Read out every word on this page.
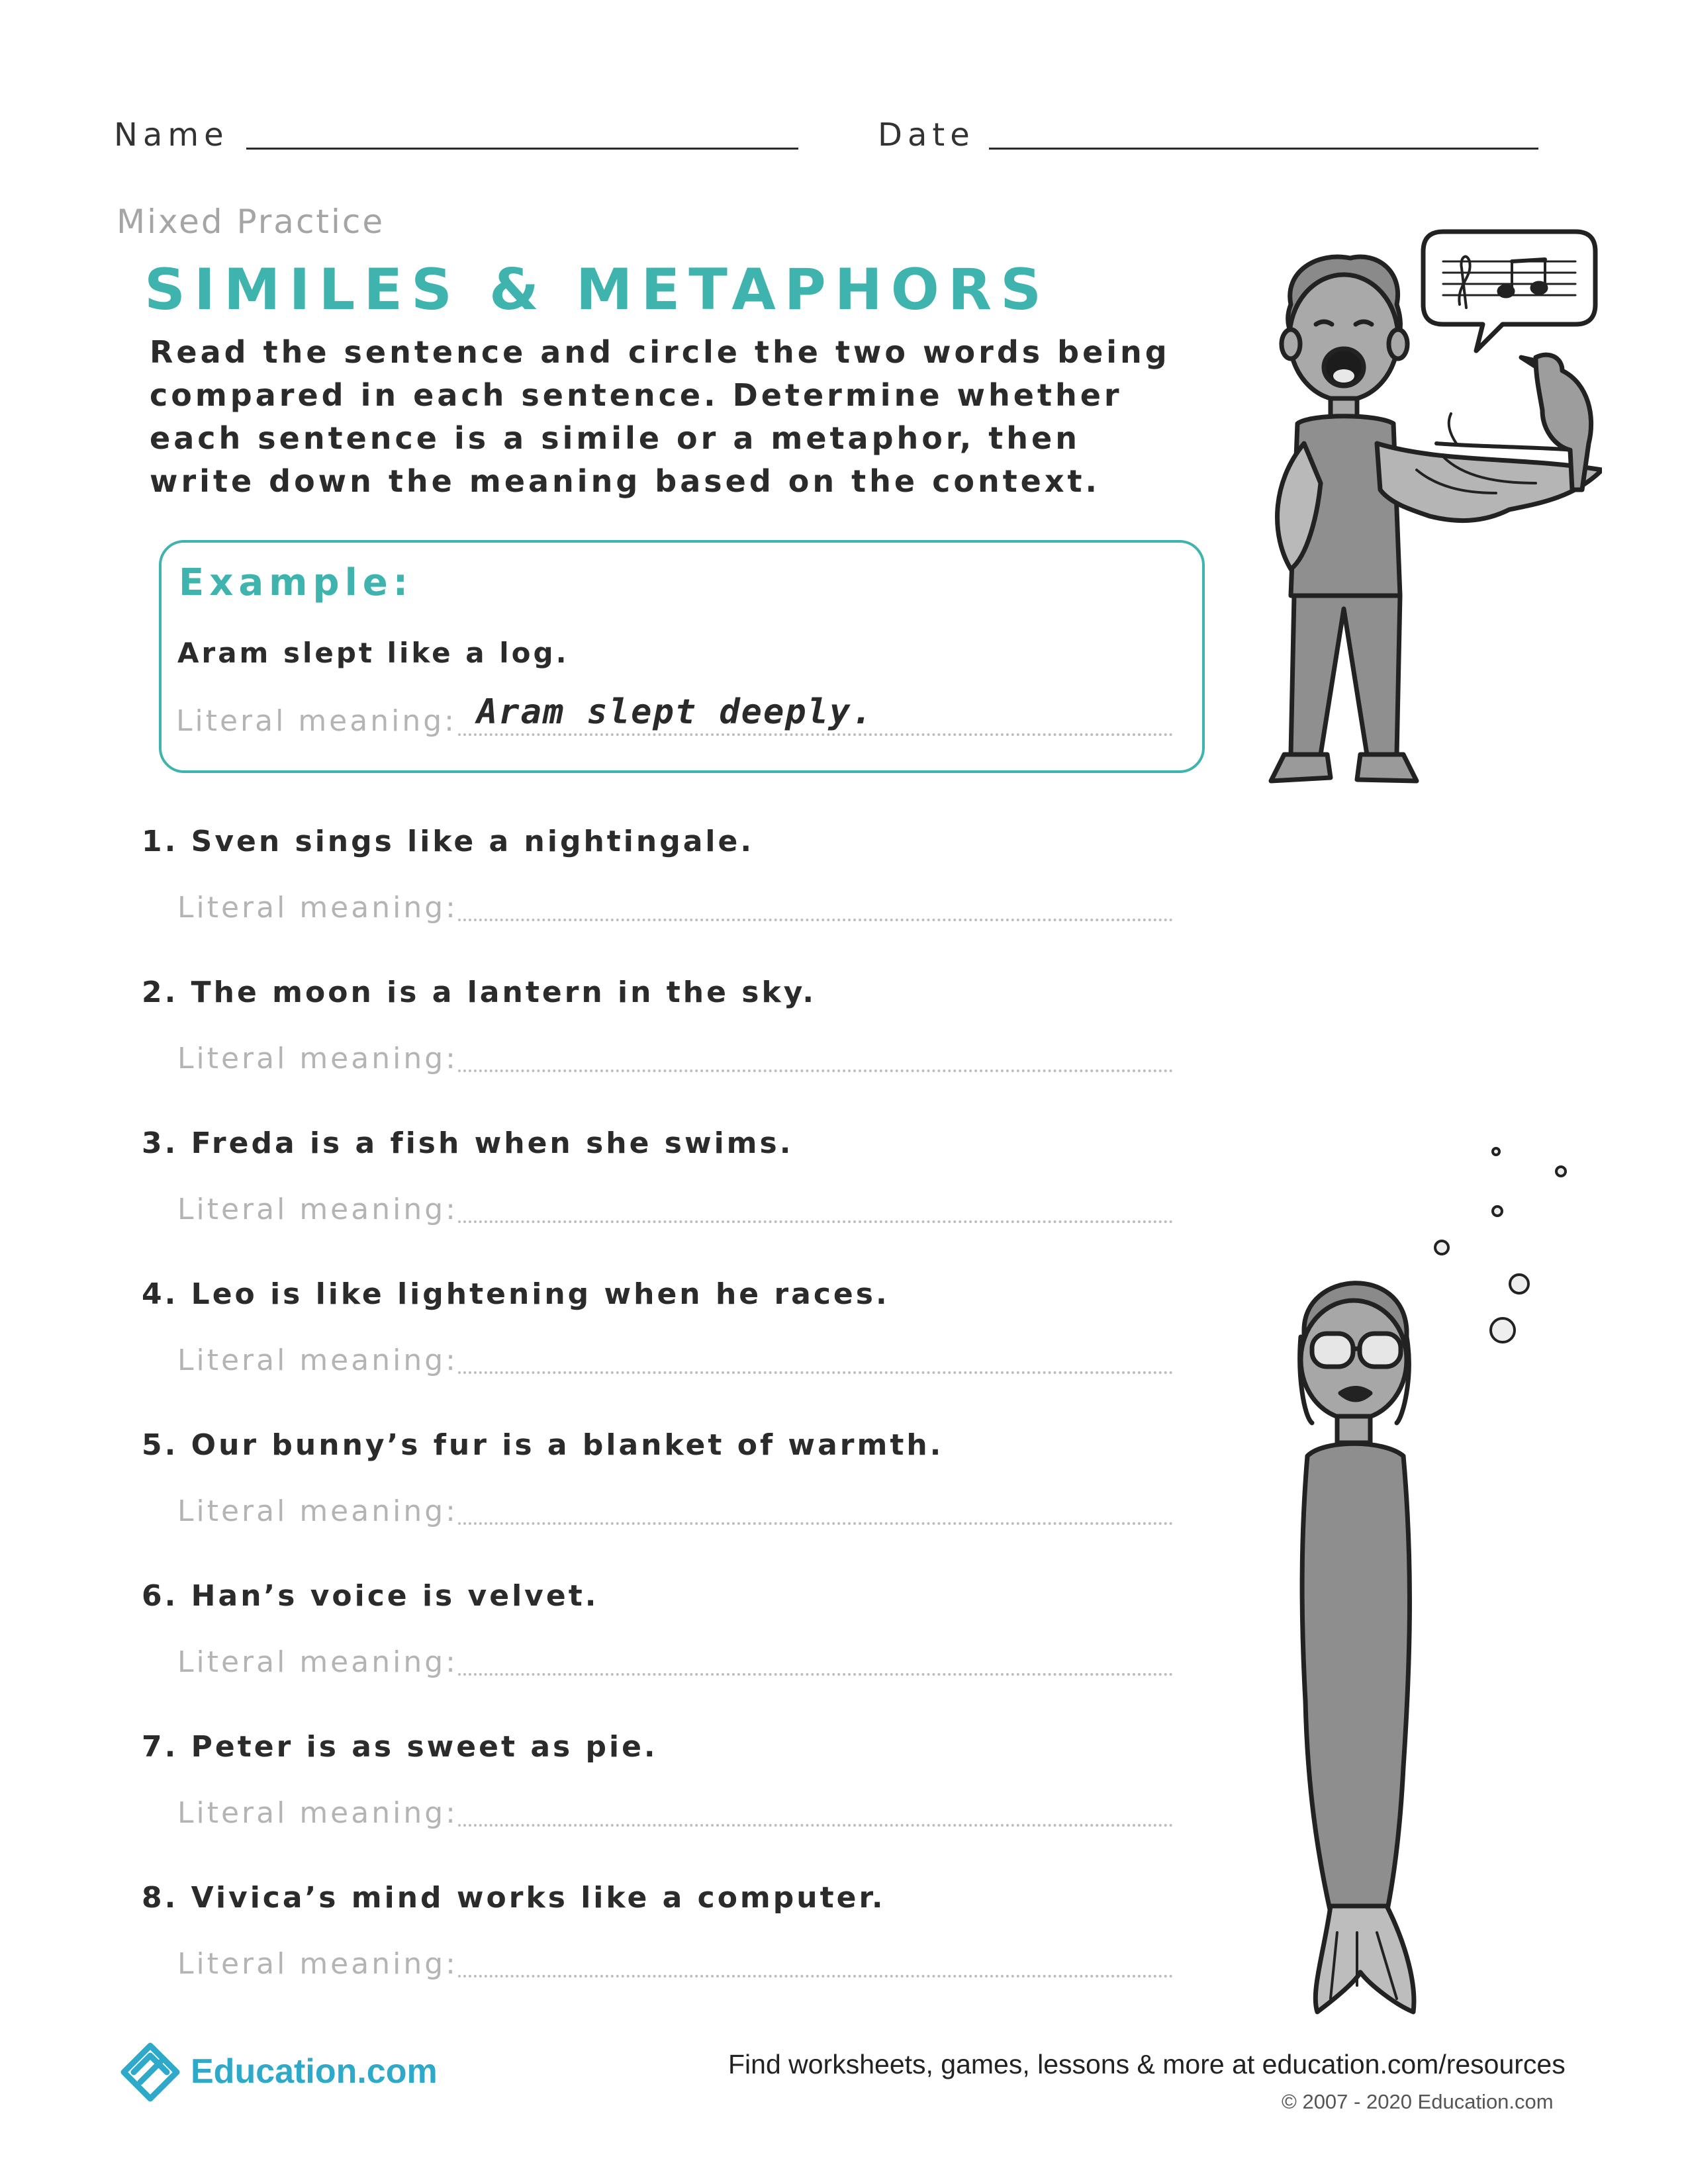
Name	Date
Mixed Practice
SIMILES & METAPHORS

Read the sentence and circle the two words being compared in each sentence. Determine whether each sentence is a simile or a metaphor, then write down the meaning based on the context.

Example:
Aram slept like a log.
Literal meaning: Aram slept deeply.
1. Sven sings like a nightingale.
Literal meaning:
2. The moon is a lantern in the sky.
Literal meaning:
3. Freda is a fish when she swims.
Literal meaning:
4. Leo is like lightening when he races.
Literal meaning:
5. Our bunny’s fur is a blanket of warmth.
Literal meaning:
6. Han’s voice is velvet.
Literal meaning:
7. Peter is as sweet as pie.
Literal meaning:
8. Vivica’s mind works like a computer.
Literal meaning:
Education.com	Find worksheets, games, lessons & more at education.com/resources
© 2007 - 2020 Education.com
